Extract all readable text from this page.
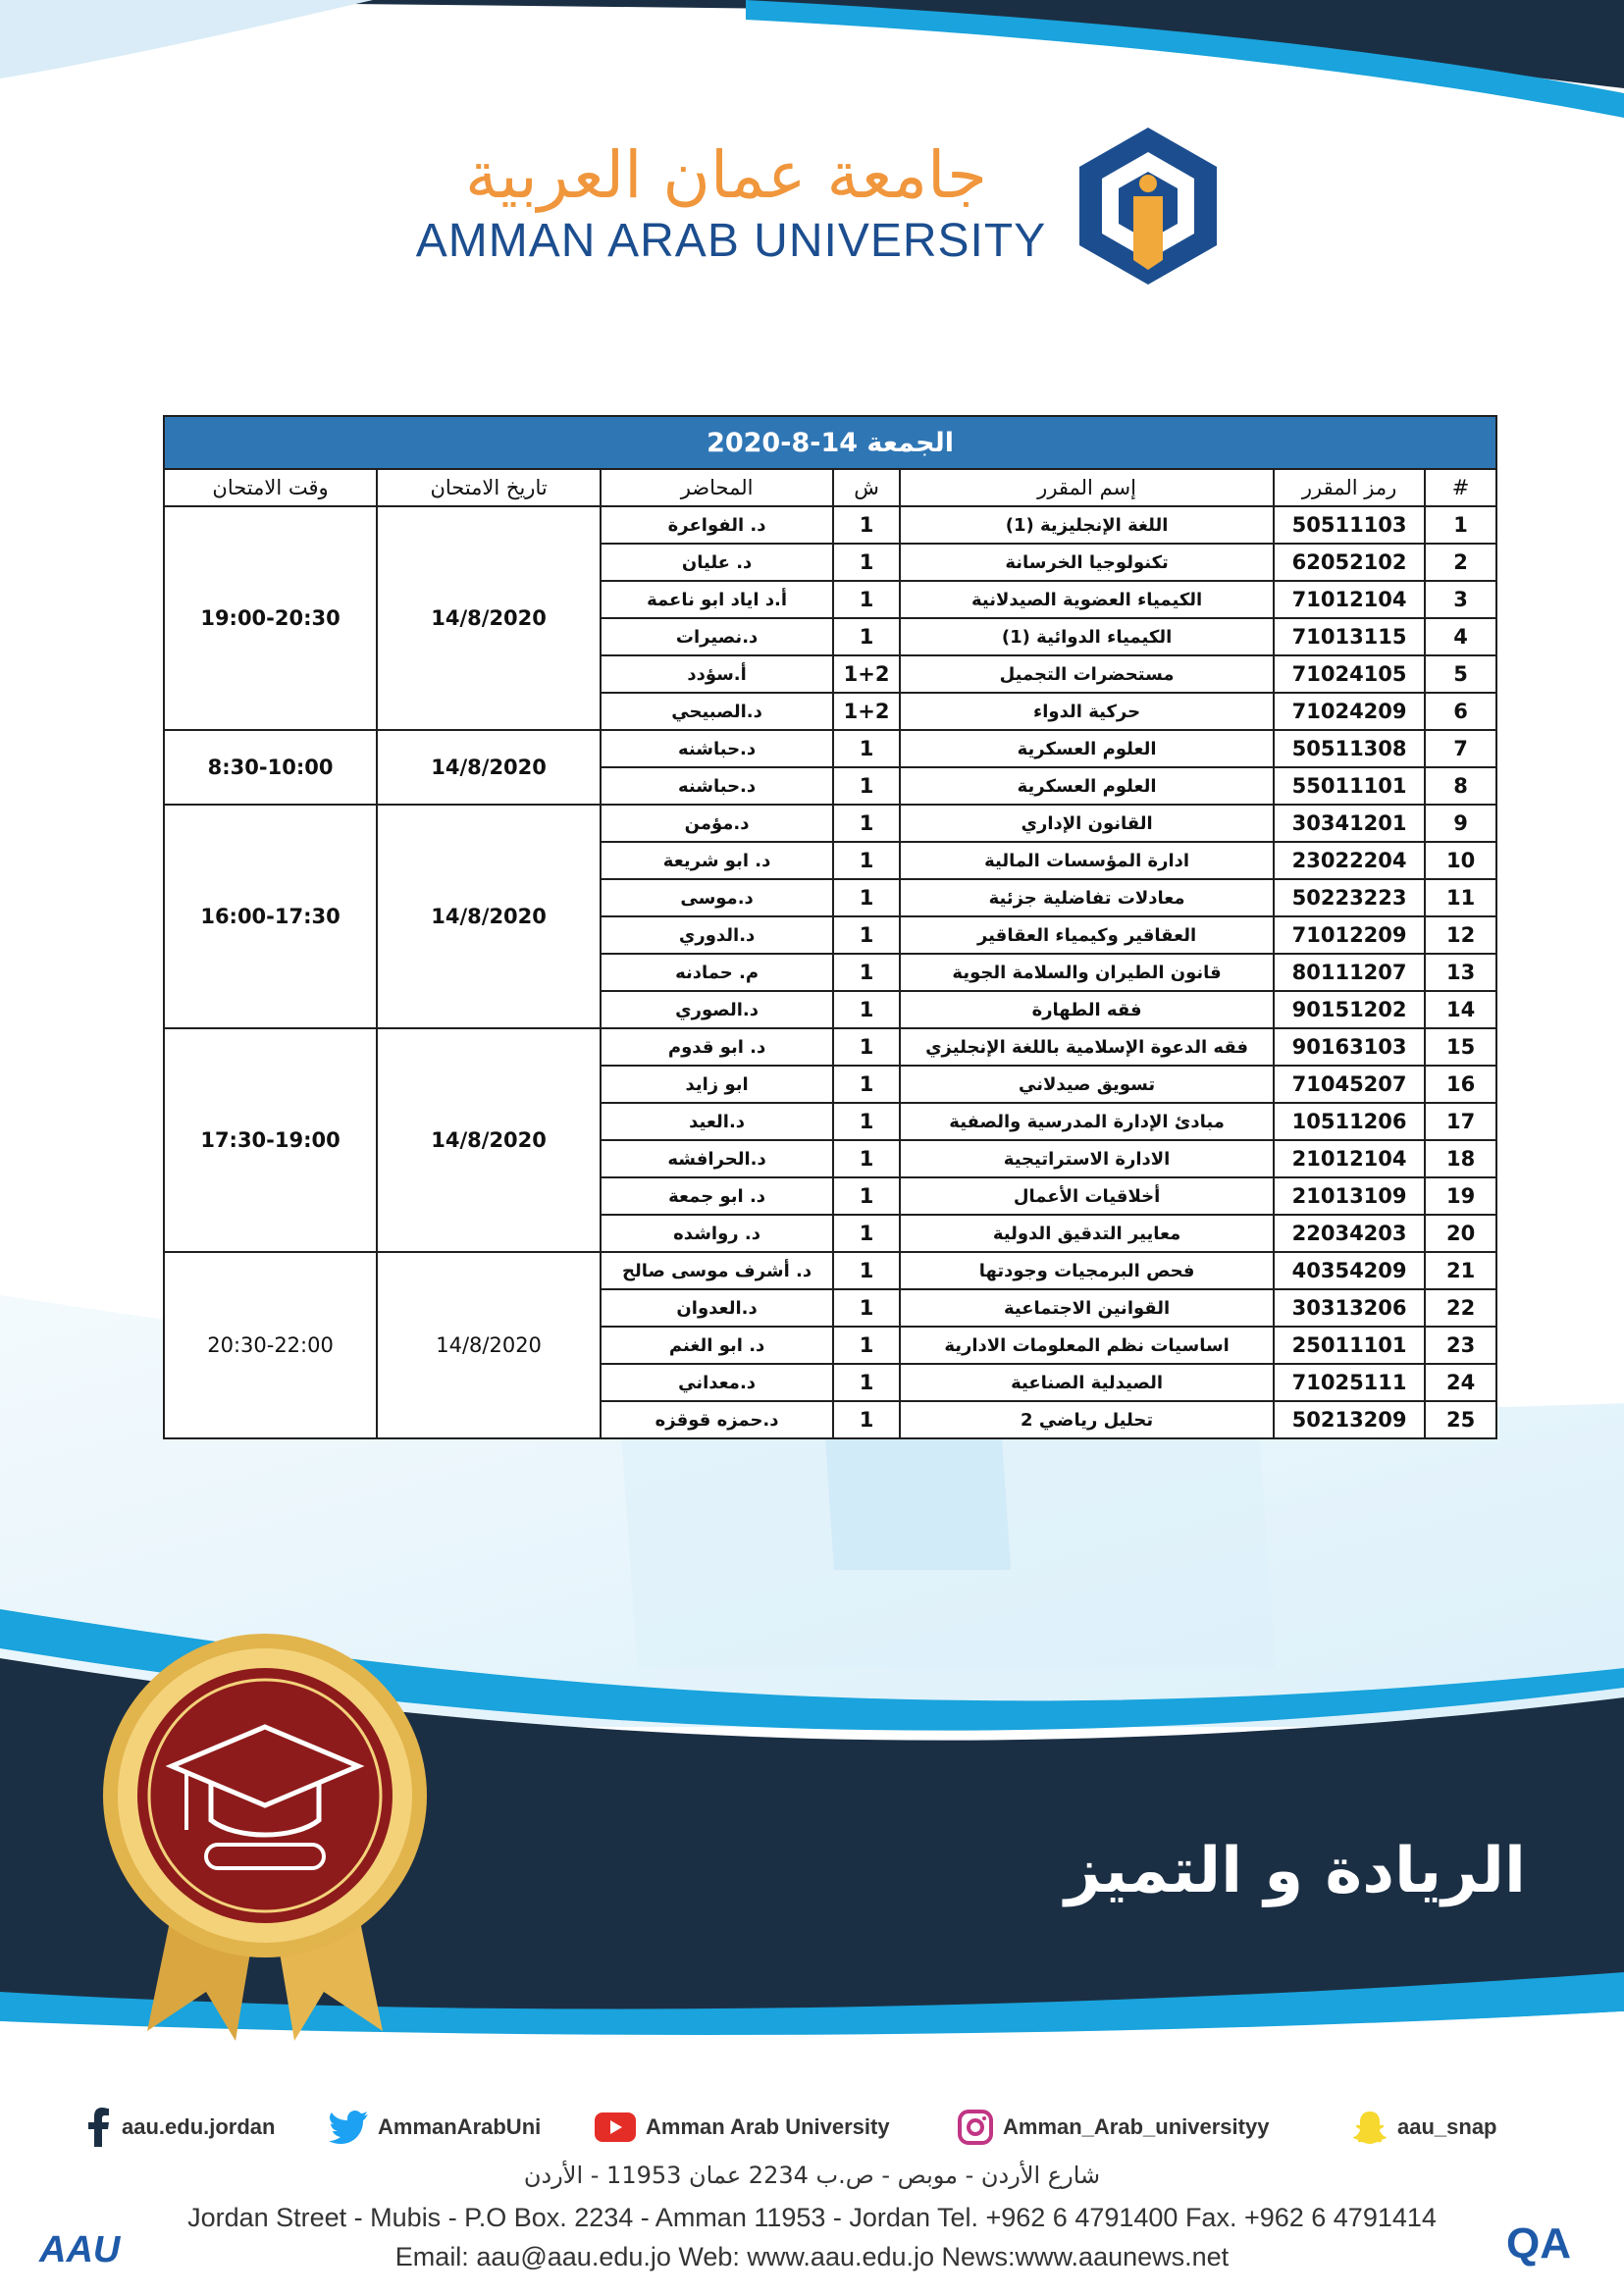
جامعة عمان العربية
AMMAN ARAB UNIVERSITY
الجمعة 14-8-2020						
#	رمز المقرر	إسم المقرر	ش	المحاضر	تاريخ الامتحان	وقت الامتحان
1	50511103	اللغة الإنجليزية (1)	1	د. الفواعرة	14/8/2020	19:00-20:30
2	62052102	تكنولوجيا الخرسانة	1	د. عليان		
3	71012104	الكيمياء العضوية الصيدلانية	1	أ.د اياد ابو ناعمة		
4	71013115	الكيمياء الدوائية (1)	1	د.نصيرات		
5	71024105	مستحضرات التجميل	1+2	أ.سؤدد		
6	71024209	حركية الدواء	1+2	د.الصبيحي		
7	50511308	العلوم العسكرية	1	د.حباشنه	14/8/2020	8:30-10:00
8	55011101	العلوم العسكرية	1	د.حباشنه		
9	30341201	القانون الإداري	1	د.مؤمن	14/8/2020	16:00-17:30
10	23022204	ادارة المؤسسات المالية	1	د. ابو شريعة		
11	50223223	معادلات تفاضلية جزئية	1	د.موسى		
12	71012209	العقاقير وكيمياء العقاقير	1	د.الدوري		
13	80111207	قانون الطيران والسلامة الجوية	1	م. حمادنه		
14	90151202	فقه الطهارة	1	د.الصوري		
15	90163103	فقه الدعوة الإسلامية باللغة الإنجليزي	1	د. ابو قدوم	14/8/2020	17:30-19:00
16	71045207	تسويق صيدلاني	1	ابو زايد		
17	10511206	مبادئ الإدارة المدرسية والصفية	1	د.العيد		
18	21012104	الادارة الاستراتيجية	1	د.الحرافشه		
19	21013109	أخلاقيات الأعمال	1	د. ابو جمعة		
20	22034203	معايير التدقيق الدولية	1	د. رواشده		
21	40354209	فحص البرمجيات وجودتها	1	د. أشرف موسى صالح	14/8/2020	20:30-22:00
22	30313206	القوانين الاجتماعية	1	د.العدوان		
23	25011101	اساسيات نظم المعلومات الادارية	1	د. ابو الغنم		
24	71025111	الصيدلية الصناعية	1	د.معداني		
25	50213209	تحليل رياضي 2	1	د.حمزه قوقزه		
الريادة و التميز
aau.edu.jordan	AmmanArabUni	Amman Arab University	Amman_Arab_universityy	aau_snap
شارع الأردن - موبص - ص.ب 2234 عمان 11953 - الأردن
Jordan Street - Mubis - P.O Box. 2234 - Amman 11953 - Jordan Tel. +962 6 4791400 Fax. +962 6 4791414
Email: aau@aau.edu.jo Web: www.aau.edu.jo News:www.aaunews.net
AAU	QA
